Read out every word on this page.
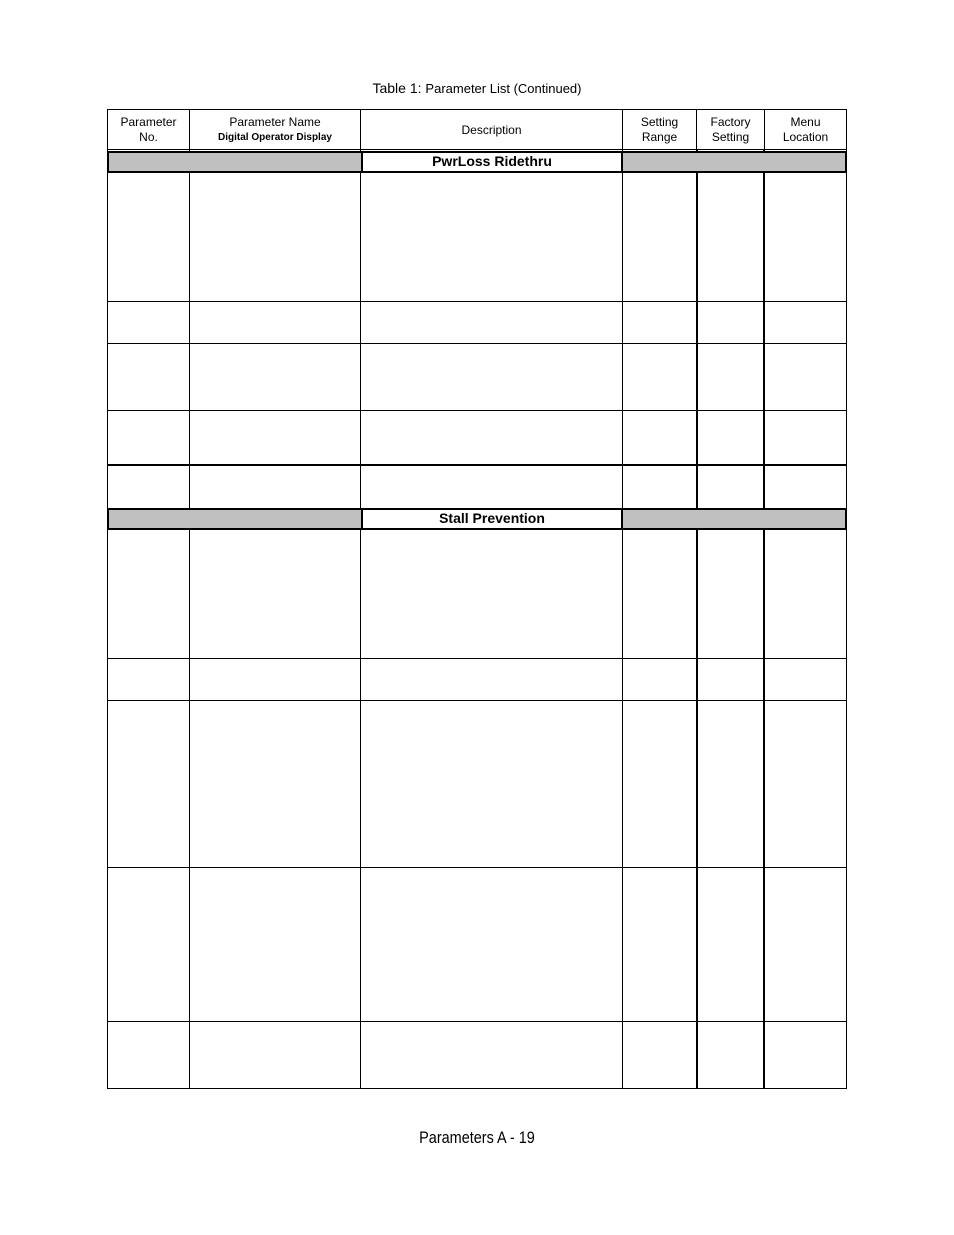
Table 1: Parameter List (Continued)
Parameter
No.
Parameter Name
Digital Operator Display
Description
Setting
Range
Factory
Setting
Menu
Location
PwrLoss Ridethru
Stall Prevention
Parameters A - 19
